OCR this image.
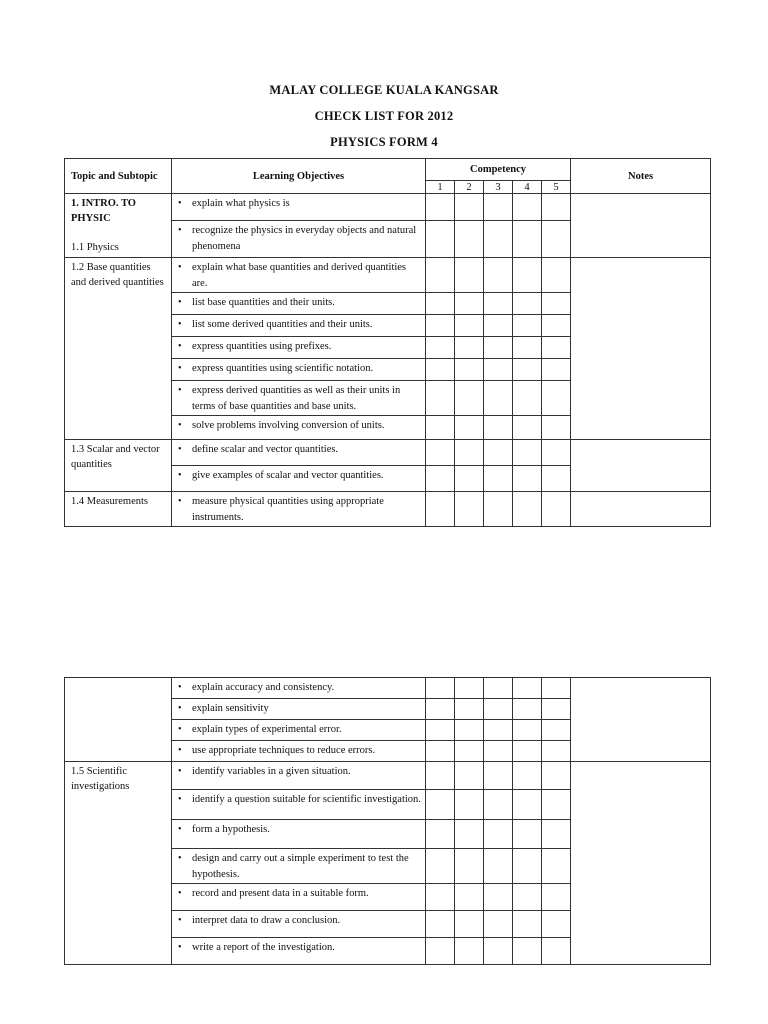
MALAY COLLEGE KUALA KANGSAR
CHECK LIST FOR 2012
PHYSICS FORM 4
Topic and Subtopic	Learning Objectives	Competency					Notes
		1	2	3	4	5	

1. INTRO. TO PHYSIC
1.1 Physics	• explain what physics is						
	• recognize the physics in everyday objects and natural phenomena					

1.2 Base quantities and derived quantities	• explain what base quantities and derived quantities are.						
	• list base quantities and their units.					
	• list some derived quantities and their units.					
	• express quantities using prefixes.					
	• express quantities using scientific notation.					
	• express derived quantities as well as their units in terms of base quantities and base units.					
	• solve problems involving conversion of units.					

1.3 Scalar and vector quantities	• define scalar and vector quantities.						
	• give examples of scalar and vector quantities.					

1.4 Measurements	• measure physical quantities using appropriate instruments.						
	• explain accuracy and consistency.						
	• explain sensitivity					
	• explain types of experimental error.					
	• use appropriate techniques to reduce errors.					

1.5 Scientific investigations	• identify variables in a given situation.						
	• identify a question suitable for scientific investigation.					
	• form a hypothesis.					
	• design and carry out a simple experiment to test the hypothesis.					
	• record and present data in a suitable form.					
	• interpret data to draw a conclusion.					
	• write a report of the investigation.					
